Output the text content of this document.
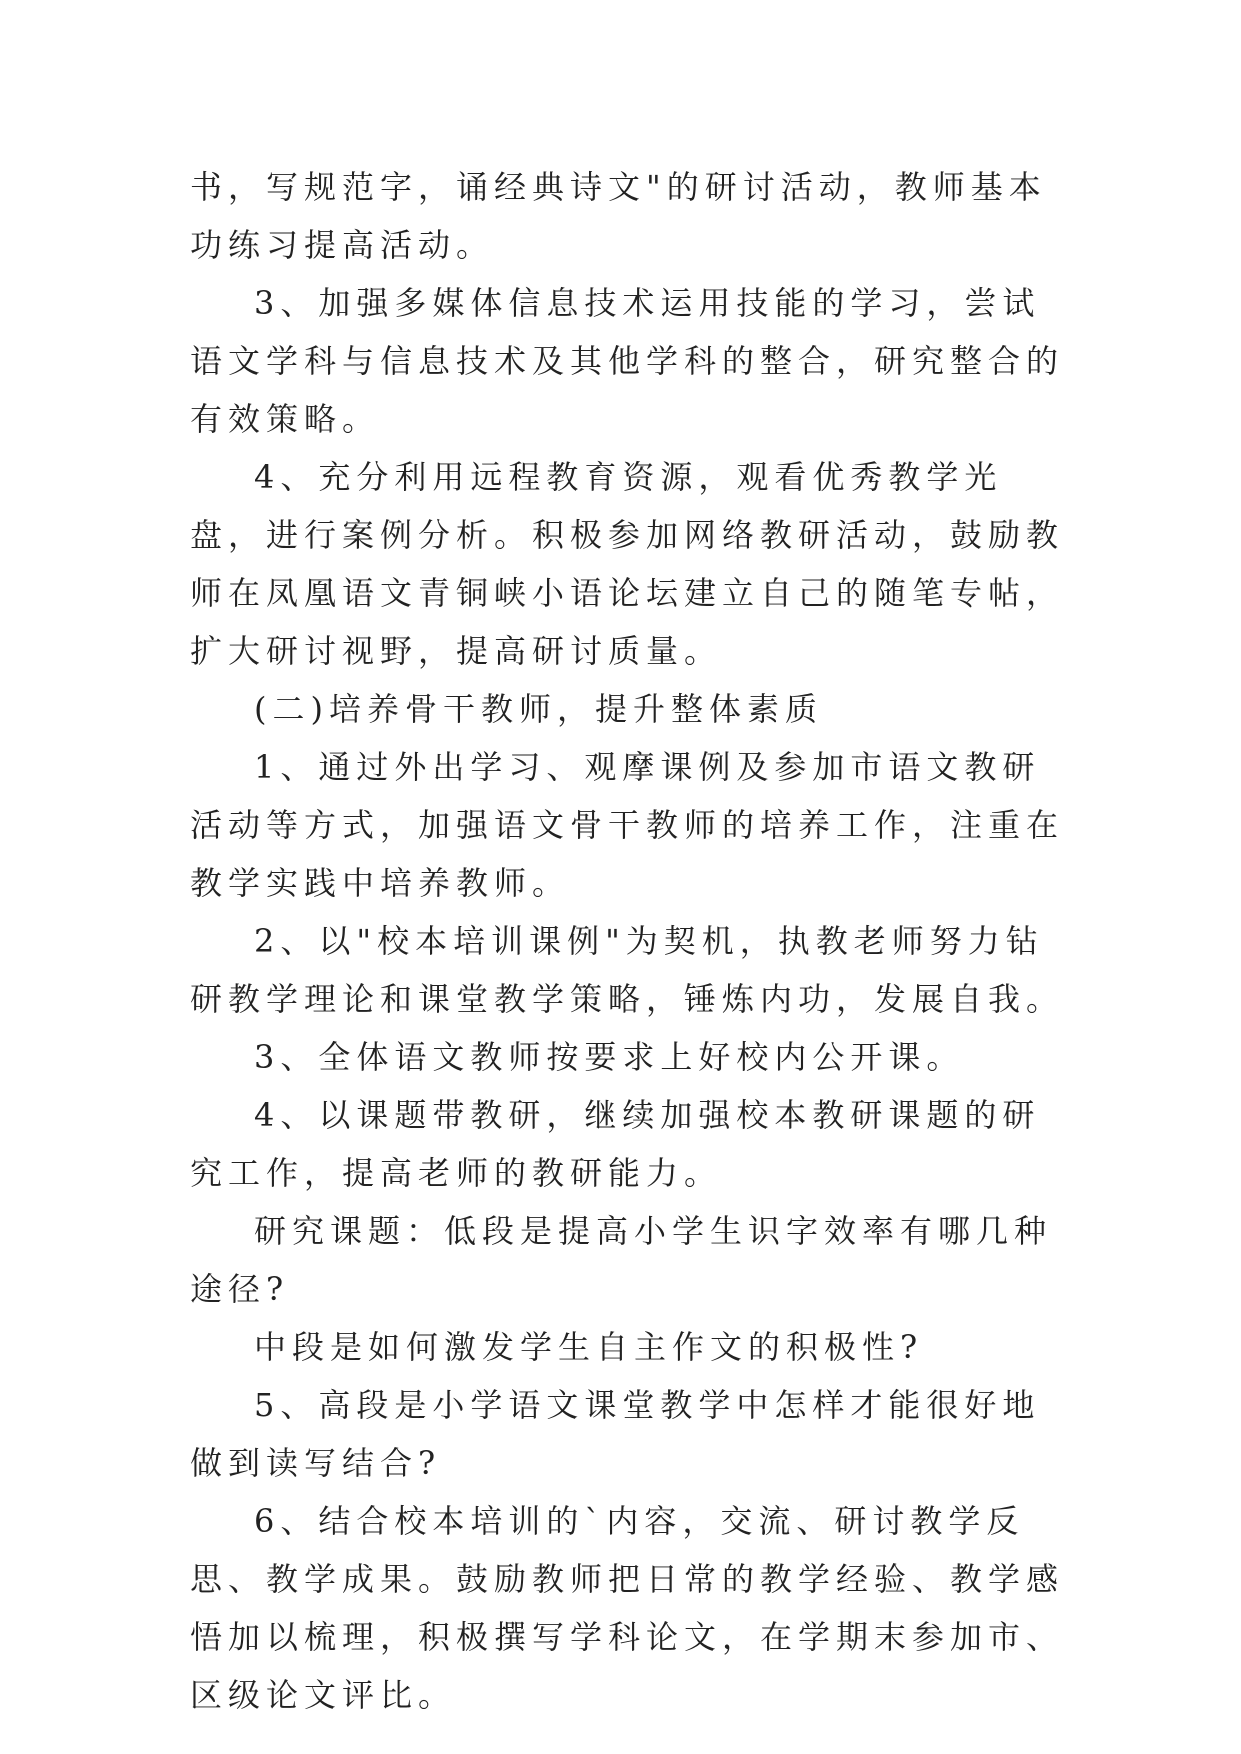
书，写规范字，诵经典诗文"的研讨活动，教师基本功练习提高活动。

3、加强多媒体信息技术运用技能的学习，尝试语文学科与信息技术及其他学科的整合，研究整合的有效策略。

4、充分利用远程教育资源，观看优秀教学光盘，进行案例分析。积极参加网络教研活动，鼓励教师在凤凰语文青铜峡小语论坛建立自己的随笔专帖，扩大研讨视野，提高研讨质量。

(二)培养骨干教师，提升整体素质

1、通过外出学习、观摩课例及参加市语文教研活动等方式，加强语文骨干教师的培养工作，注重在教学实践中培养教师。

2、以"校本培训课例"为契机，执教老师努力钻研教学理论和课堂教学策略，锤炼内功，发展自我。

3、全体语文教师按要求上好校内公开课。

4、以课题带教研，继续加强校本教研课题的研究工作，提高老师的教研能力。

研究课题：低段是提高小学生识字效率有哪几种途径?

中段是如何激发学生自主作文的积极性?

5、高段是小学语文课堂教学中怎样才能很好地做到读写结合?

6、结合校本培训的`内容，交流、研讨教学反思、教学成果。鼓励教师把日常的教学经验、教学感悟加以梳理，积极撰写学科论文，在学期末参加市、区级论文评比。
